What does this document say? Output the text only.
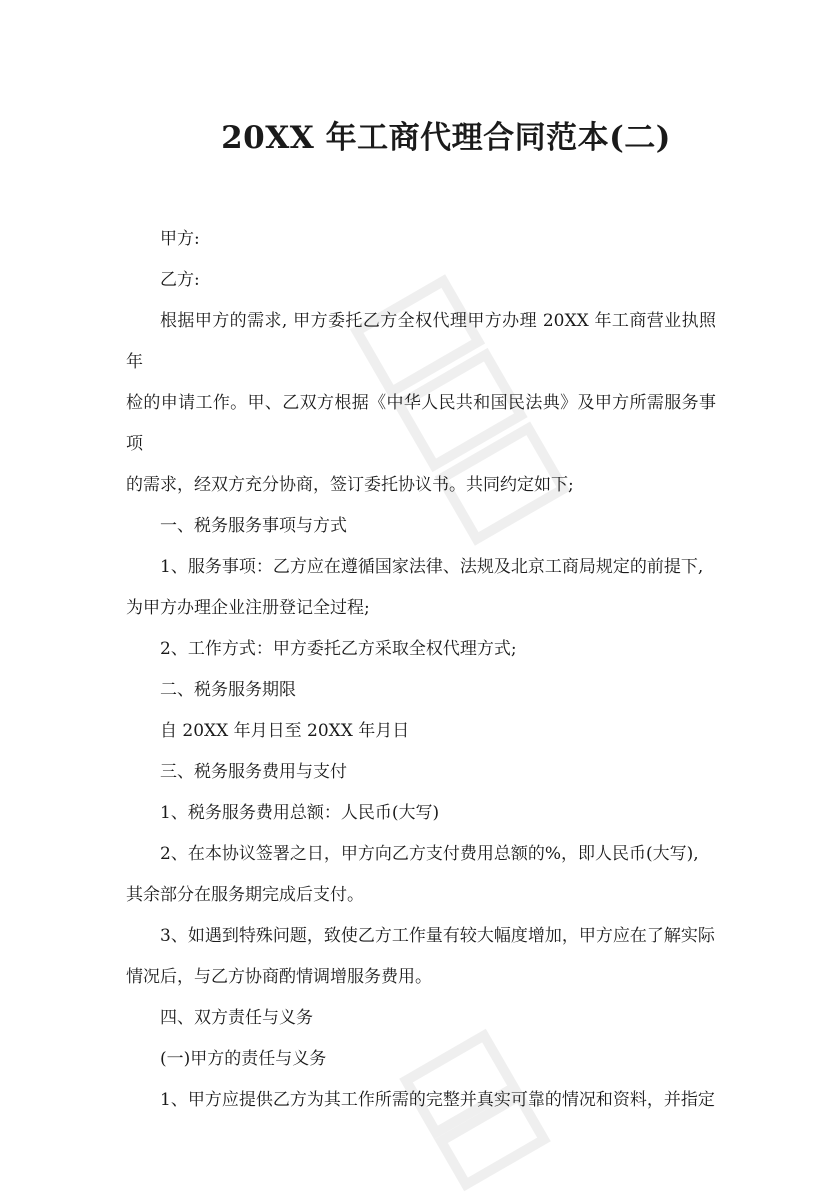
20XX 年工商代理合同范本(二)

甲方:

乙方:

根据甲方的需求, 甲方委托乙方全权代理甲方办理 20XX 年工商营业执照年

检的申请工作。甲、乙双方根据《中华人民共和国民法典》及甲方所需服务事项

的需求，经双方充分协商，签订委托协议书。共同约定如下;

一、税务服务事项与方式

1、服务事项：乙方应在遵循国家法律、法规及北京工商局规定的前提下,

为甲方办理企业注册登记全过程;

2、工作方式：甲方委托乙方采取全权代理方式;

二、税务服务期限

自 20XX 年月日至 20XX 年月日

三、税务服务费用与支付

1、税务服务费用总额：人民币(大写)

2、在本协议签署之日，甲方向乙方支付费用总额的%，即人民币(大写),

其余部分在服务期完成后支付。

3、如遇到特殊问题，致使乙方工作量有较大幅度增加，甲方应在了解实际

情况后，与乙方协商酌情调增服务费用。

四、双方责任与义务

(一)甲方的责任与义务

1、甲方应提供乙方为其工作所需的完整并真实可靠的情况和资料，并指定
